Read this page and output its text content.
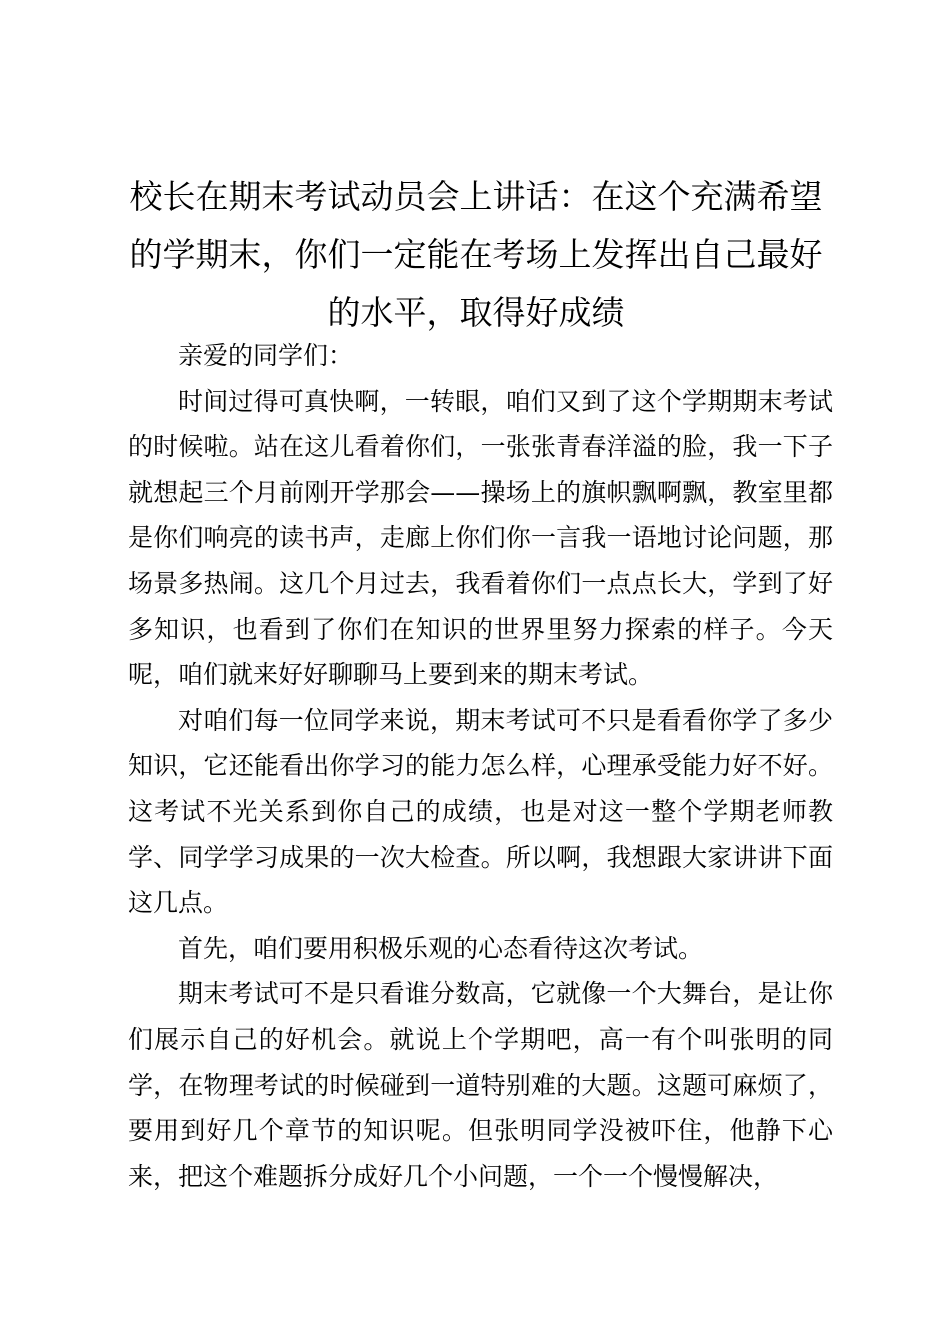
校长在期末考试动员会上讲话：在这个充满希望的学期末，你们一定能在考场上发挥出自己最好的水平，取得好成绩

亲爱的同学们：

时间过得可真快啊，一转眼，咱们又到了这个学期期末考试的时候啦。站在这儿看着你们，一张张青春洋溢的脸，我一下子就想起三个月前刚开学那会——操场上的旗帜飘啊飘，教室里都是你们响亮的读书声，走廊上你们你一言我一语地讨论问题，那场景多热闹。这几个月过去，我看着你们一点点长大，学到了好多知识，也看到了你们在知识的世界里努力探索的样子。今天呢，咱们就来好好聊聊马上要到来的期末考试。

对咱们每一位同学来说，期末考试可不只是看看你学了多少知识，它还能看出你学习的能力怎么样，心理承受能力好不好。这考试不光关系到你自己的成绩，也是对这一整个学期老师教学、同学学习成果的一次大检查。所以啊，我想跟大家讲讲下面这几点。

首先，咱们要用积极乐观的心态看待这次考试。

期末考试可不是只看谁分数高，它就像一个大舞台，是让你们展示自己的好机会。就说上个学期吧，高一有个叫张明的同学，在物理考试的时候碰到一道特别难的大题。这题可麻烦了，要用到好几个章节的知识呢。但张明同学没被吓住，他静下心来，把这个难题拆分成好几个小问题，一个一个慢慢解决，
